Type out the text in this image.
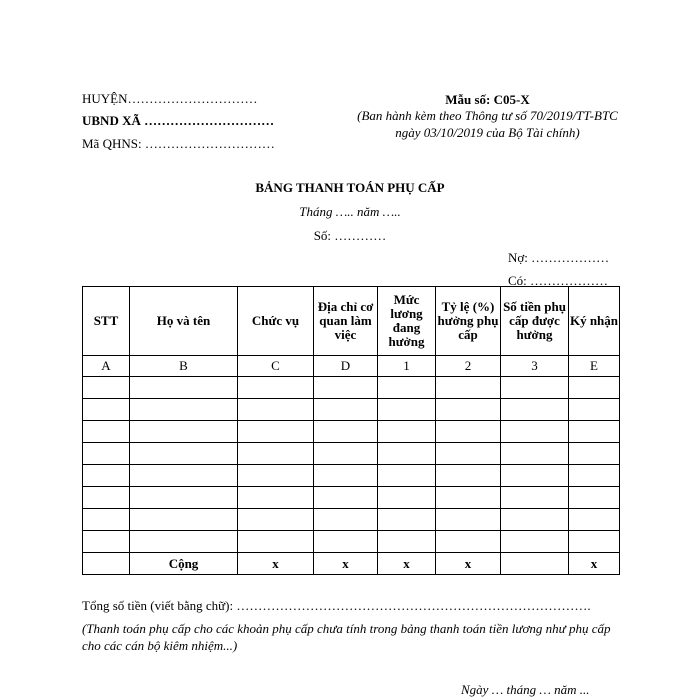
HUYỆN…………………………
UBND XÃ …………………………
Mã QHNS: …………………………
Mẫu số: C05-X
(Ban hành kèm theo Thông tư số 70/2019/TT-BTC ngày 03/10/2019 của Bộ Tài chính)
BẢNG THANH TOÁN PHỤ CẤP
Tháng ….. năm …..
Số: …………
Nợ: ………………
Có: ………………
STT	Họ và tên	Chức vụ	Địa chỉ cơ quan làm việc	Mức lương đang hưởng	Tỷ lệ (%) hưởng phụ cấp	Số tiền phụ cấp được hưởng	Ký nhận
A	B	C	D	1	2	3	E

	Cộng	x	x	x	x		x
Tổng số tiền (viết bằng chữ): ……………………………………………………………………….
(Thanh toán phụ cấp cho các khoản phụ cấp chưa tính trong bảng thanh toán tiền lương như phụ cấp cho các cán bộ kiêm nhiệm...)
Ngày … tháng … năm ...
